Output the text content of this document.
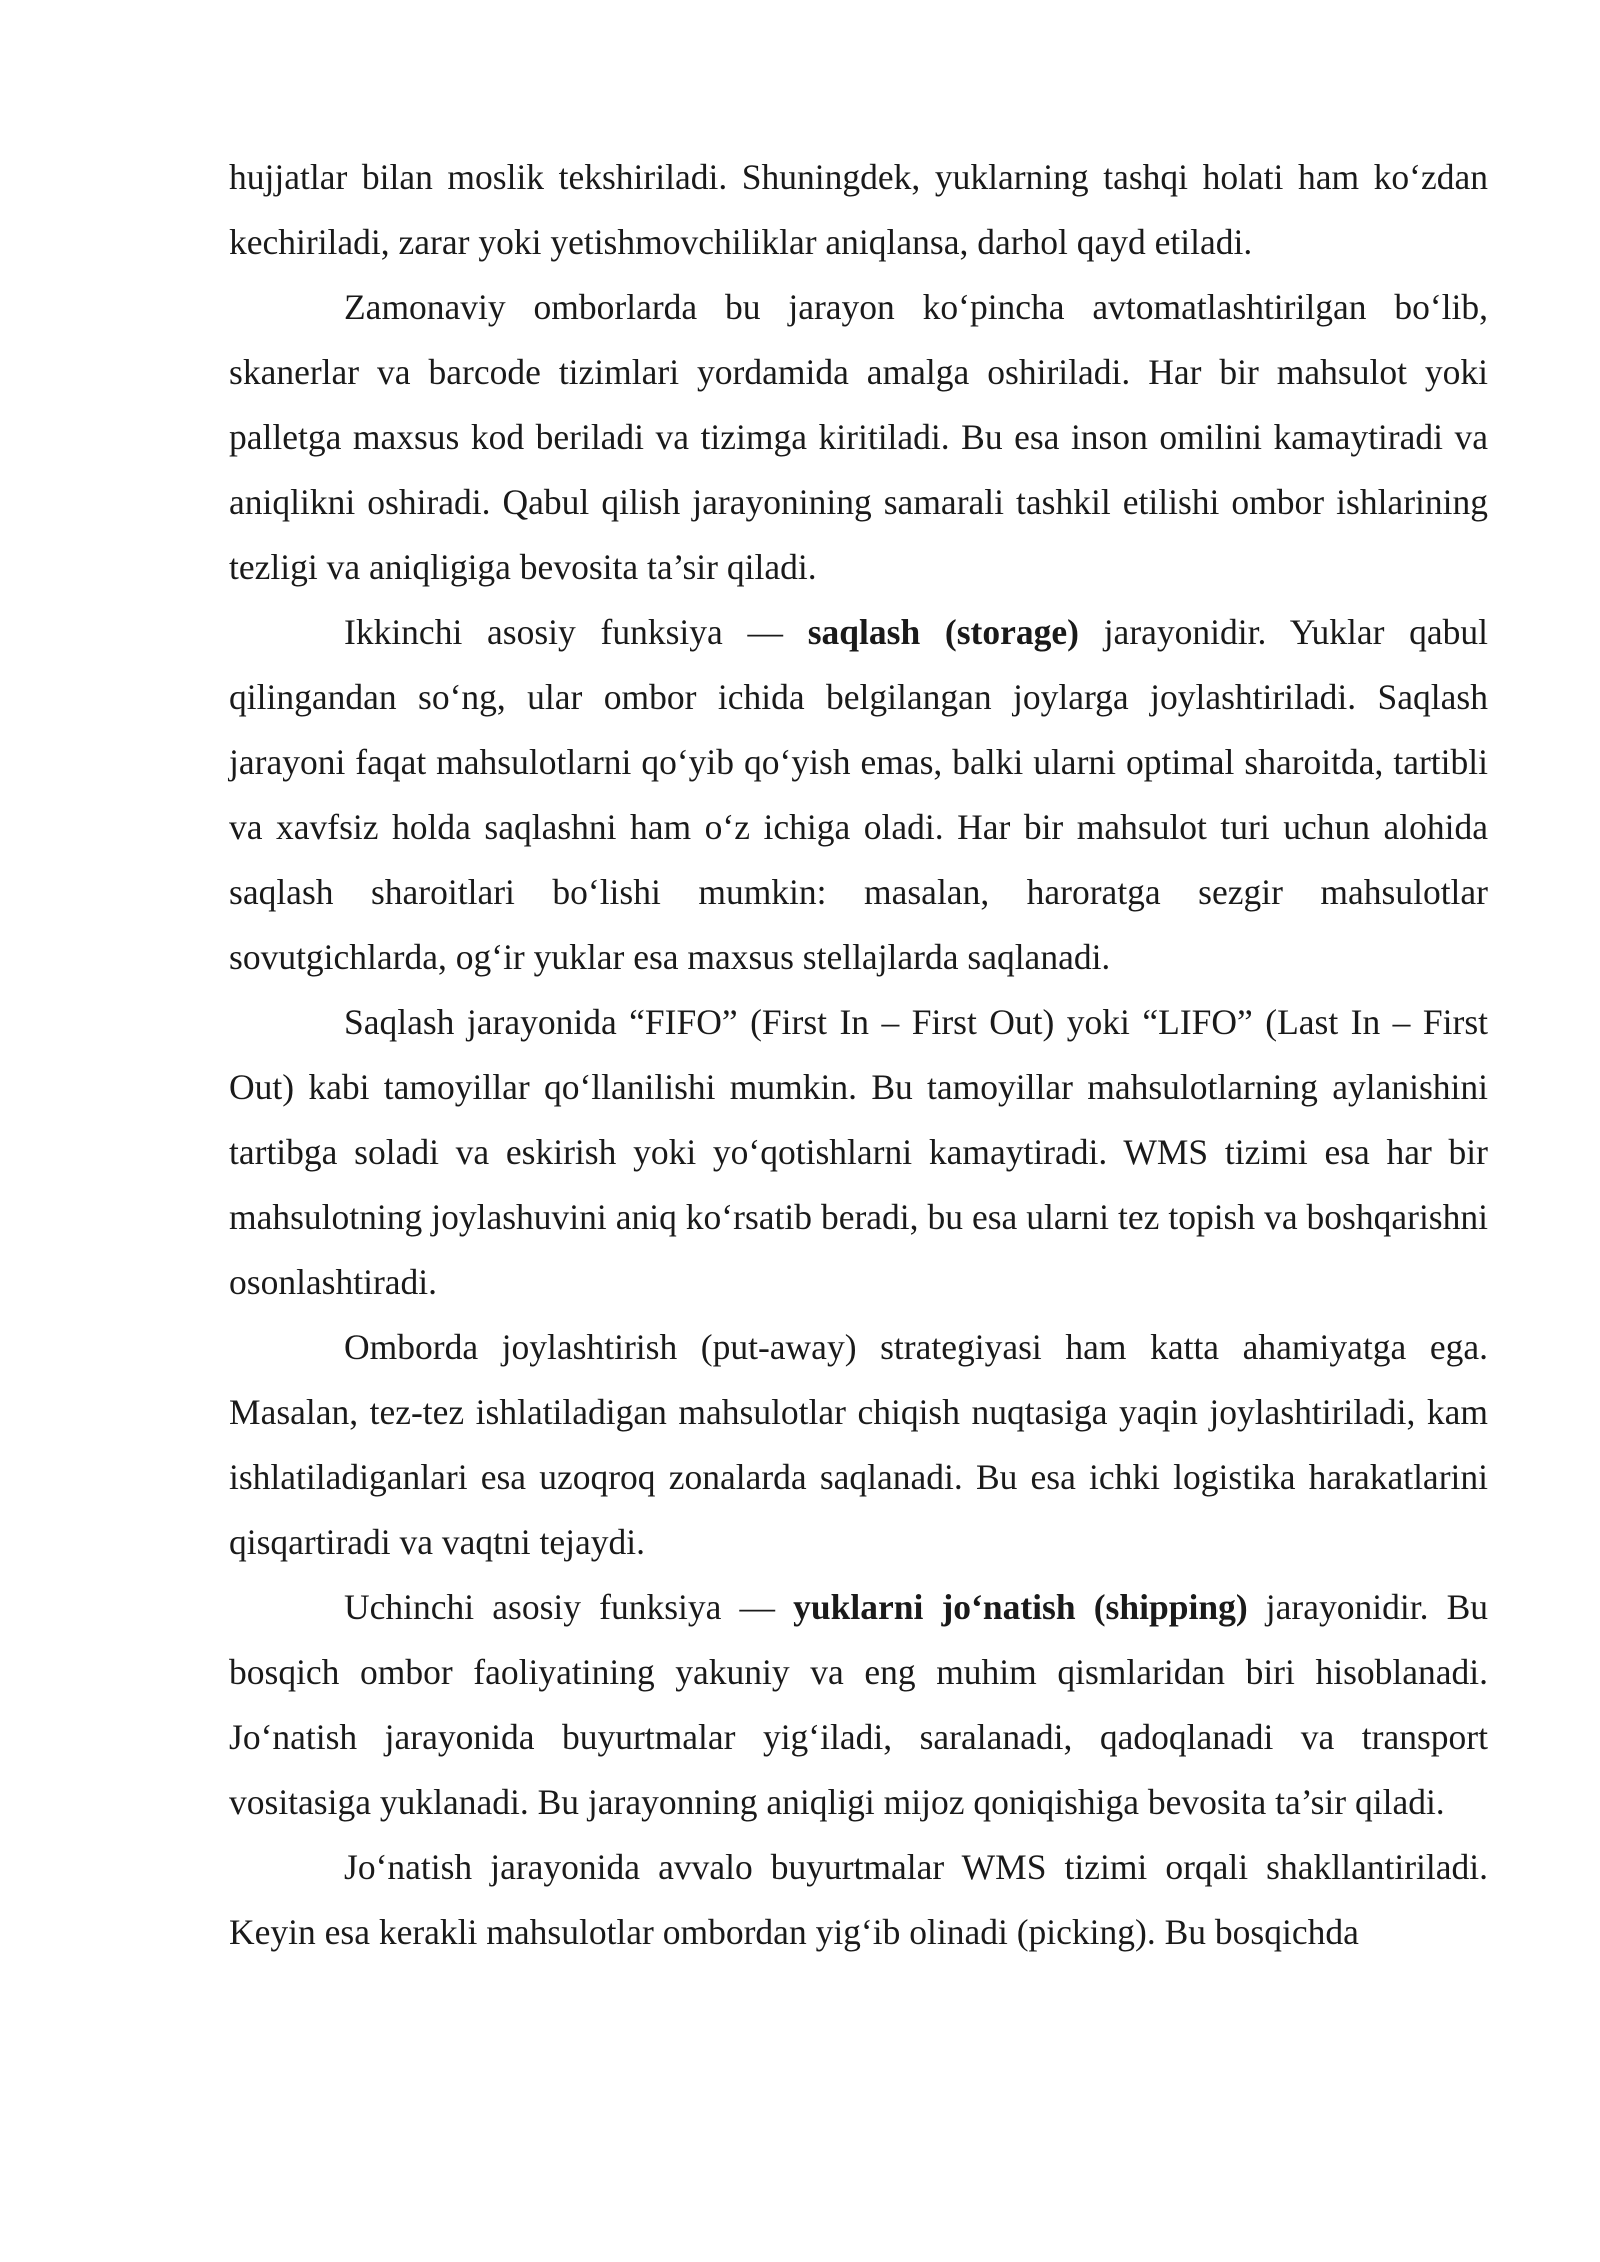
hujjatlar bilan moslik tekshiriladi. Shuningdek, yuklarning tashqi holati ham ko‘zdan kechiriladi, zarar yoki yetishmovchiliklar aniqlansa, darhol qayd etiladi.

Zamonaviy omborlarda bu jarayon ko‘pincha avtomatlashtirilgan bo‘lib, skanerlar va barcode tizimlari yordamida amalga oshiriladi. Har bir mahsulot yoki palletga maxsus kod beriladi va tizimga kiritiladi. Bu esa inson omilini kamaytiradi va aniqlikni oshiradi. Qabul qilish jarayonining samarali tashkil etilishi ombor ishlarining tezligi va aniqligiga bevosita ta’sir qiladi.

Ikkinchi asosiy funksiya — saqlash (storage) jarayonidir. Yuklar qabul qilingandan so‘ng, ular ombor ichida belgilangan joylarga joylashtiriladi. Saqlash jarayoni faqat mahsulotlarni qo‘yib qo‘yish emas, balki ularni optimal sharoitda, tartibli va xavfsiz holda saqlashni ham o‘z ichiga oladi. Har bir mahsulot turi uchun alohida saqlash sharoitlari bo‘lishi mumkin: masalan, haroratga sezgir mahsulotlar sovutgichlarda, og‘ir yuklar esa maxsus stellajlarda saqlanadi.

Saqlash jarayonida “FIFO” (First In – First Out) yoki “LIFO” (Last In – First Out) kabi tamoyillar qo‘llanilishi mumkin. Bu tamoyillar mahsulotlarning aylanishini tartibga soladi va eskirish yoki yo‘qotishlarni kamaytiradi. WMS tizimi esa har bir mahsulotning joylashuvini aniq ko‘rsatib beradi, bu esa ularni tez topish va boshqarishni osonlashtiradi.

Omborda joylashtirish (put-away) strategiyasi ham katta ahamiyatga ega. Masalan, tez-tez ishlatiladigan mahsulotlar chiqish nuqtasiga yaqin joylashtiriladi, kam ishlatiladiganlari esa uzoqroq zonalarda saqlanadi. Bu esa ichki logistika harakatlarini qisqartiradi va vaqtni tejaydi.

Uchinchi asosiy funksiya — yuklarni jo‘natish (shipping) jarayonidir. Bu bosqich ombor faoliyatining yakuniy va eng muhim qismlaridan biri hisoblanadi. Jo‘natish jarayonida buyurtmalar yig‘iladi, saralanadi, qadoqlanadi va transport vositasiga yuklanadi. Bu jarayonning aniqligi mijoz qoniqishiga bevosita ta’sir qiladi.

Jo‘natish jarayonida avvalo buyurtmalar WMS tizimi orqali shakllantiriladi. Keyin esa kerakli mahsulotlar ombordan yig‘ib olinadi (picking). Bu bosqichda
